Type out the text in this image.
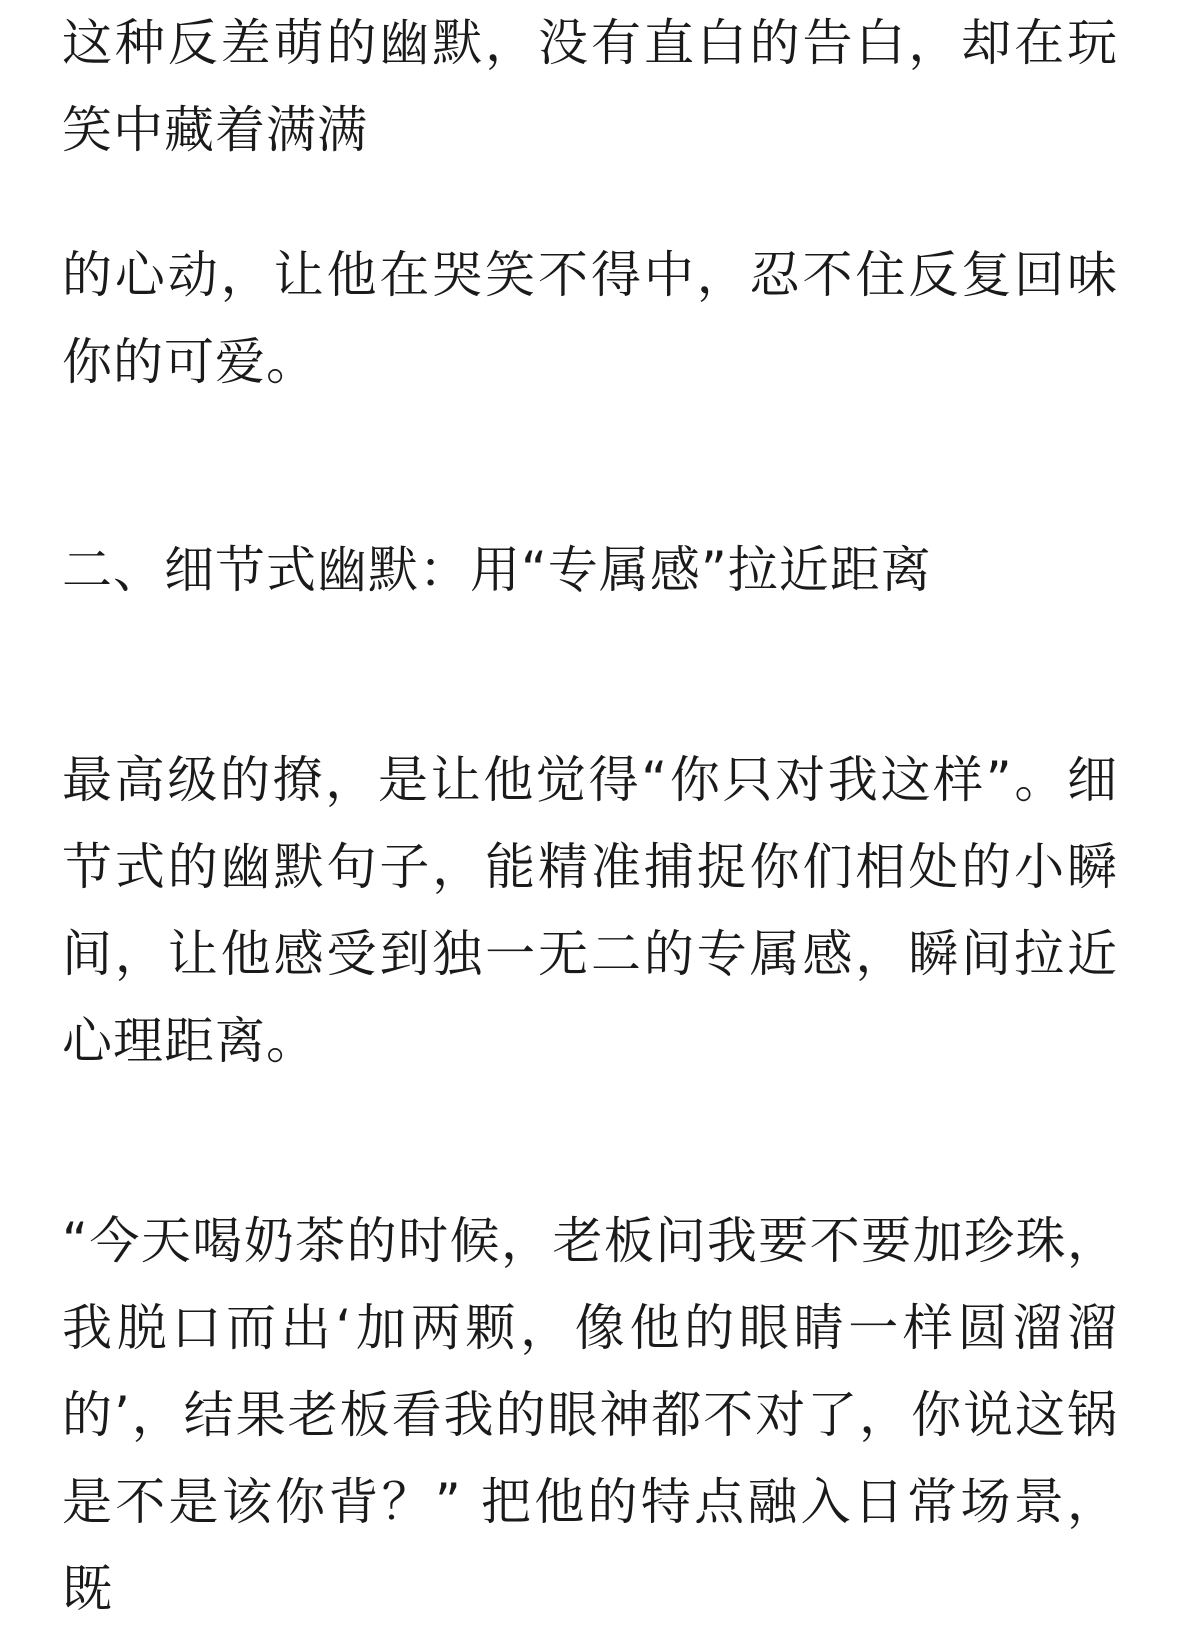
这种反差萌的幽默，没有直白的告白，却在玩笑中藏着满满

的心动，让他在哭笑不得中，忍不住反复回味你的可爱。

二、细节式幽默：用“专属感”拉近距离

最高级的撩，是让他觉得“你只对我这样”。细节式的幽默句子，能精准捕捉你们相处的小瞬间，让他感受到独一无二的专属感，瞬间拉近心理距离。

“今天喝奶茶的时候，老板问我要不要加珍珠，我脱口而出‘加两颗，像他的眼睛一样圆溜溜的’，结果老板看我的眼神都不对了，你说这锅是不是该你背？” 把他的特点融入日常场景，既
